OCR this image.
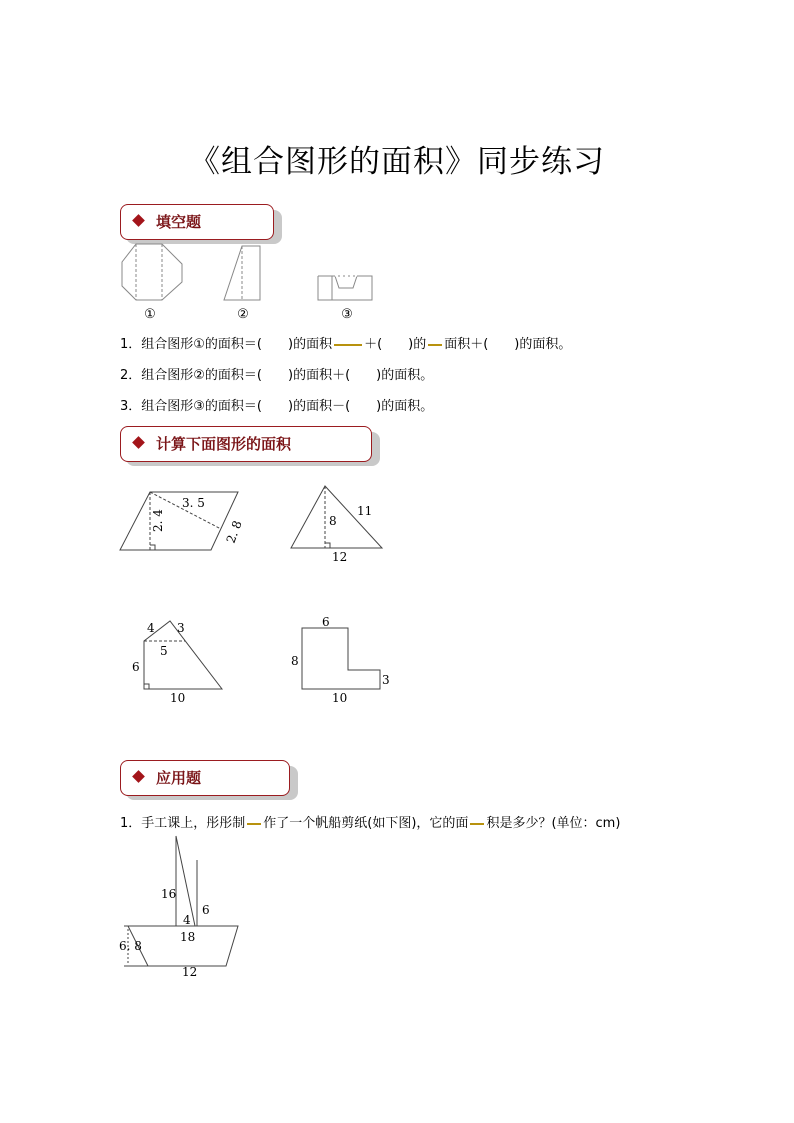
《组合图形的面积》同步练习
填空题
①	②	③
1．组合图形①的面积＝(　　)的面积 ＋(　　)的 面积＋(　　)的面积。
2．组合图形②的面积＝(　　)的面积＋(　　)的面积。
3．组合图形③的面积＝(　　)的面积－(　　)的面积。
计算下面图形的面积
3. 5
2. 4	2. 8
11
8
12
4 3
5
6
10
6
8
3
10
应用题
1．手工课上，彤彤制 作了一个帆船剪纸(如下图)，它的面 积是多少？(单位：cm)
16
4
6
18
6. 8
12
